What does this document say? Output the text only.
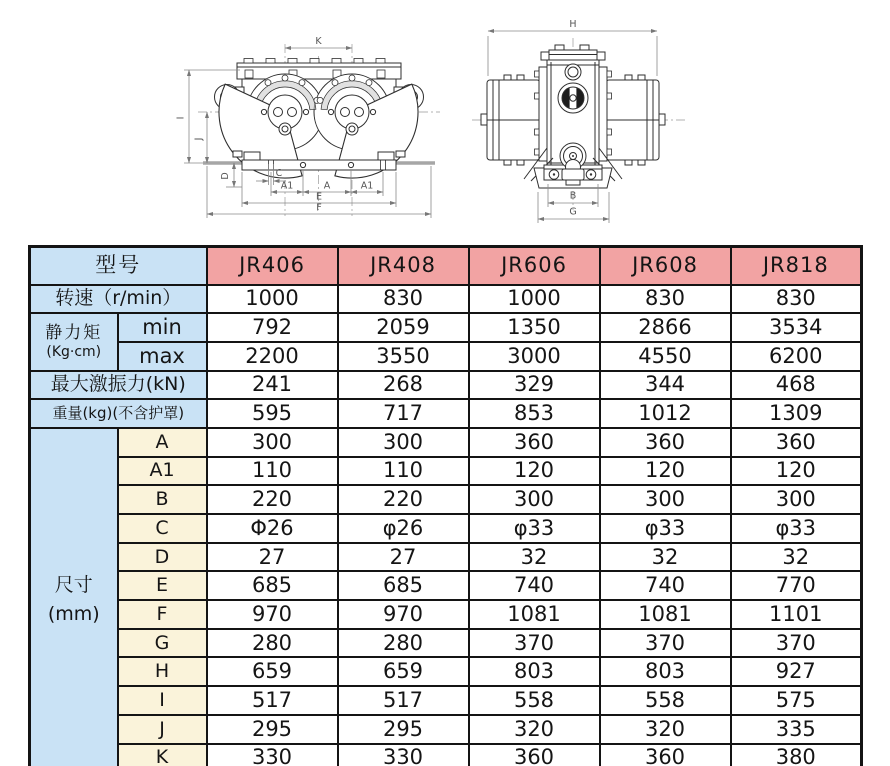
K
I
J
D	C
A1	A	A1
E
F
H
B
G
型号		JR406	JR408	JR606	JR608	JR818
转速（r/min）		1000	830	1000	830	830

静力矩
(Kg·cm)	min	792	2059	1350	2866	3534
	max	2200	3550	3000	4550	6200
最大激振力(kN)		241	268	329	344	468
重量(kg)(不含护罩)		595	717	853	1012	1309

尺寸
(mm)	A	300	300	360	360	360
	A1	110	110	120	120	120
	B	220	220	300	300	300
	C	Φ26	φ26	φ33	φ33	φ33
	D	27	27	32	32	32
	E	685	685	740	740	770
	F	970	970	1081	1081	1101
	G	280	280	370	370	370
	H	659	659	803	803	927
	I	517	517	558	558	575
	J	295	295	320	320	335
	K	330	330	360	360	380
